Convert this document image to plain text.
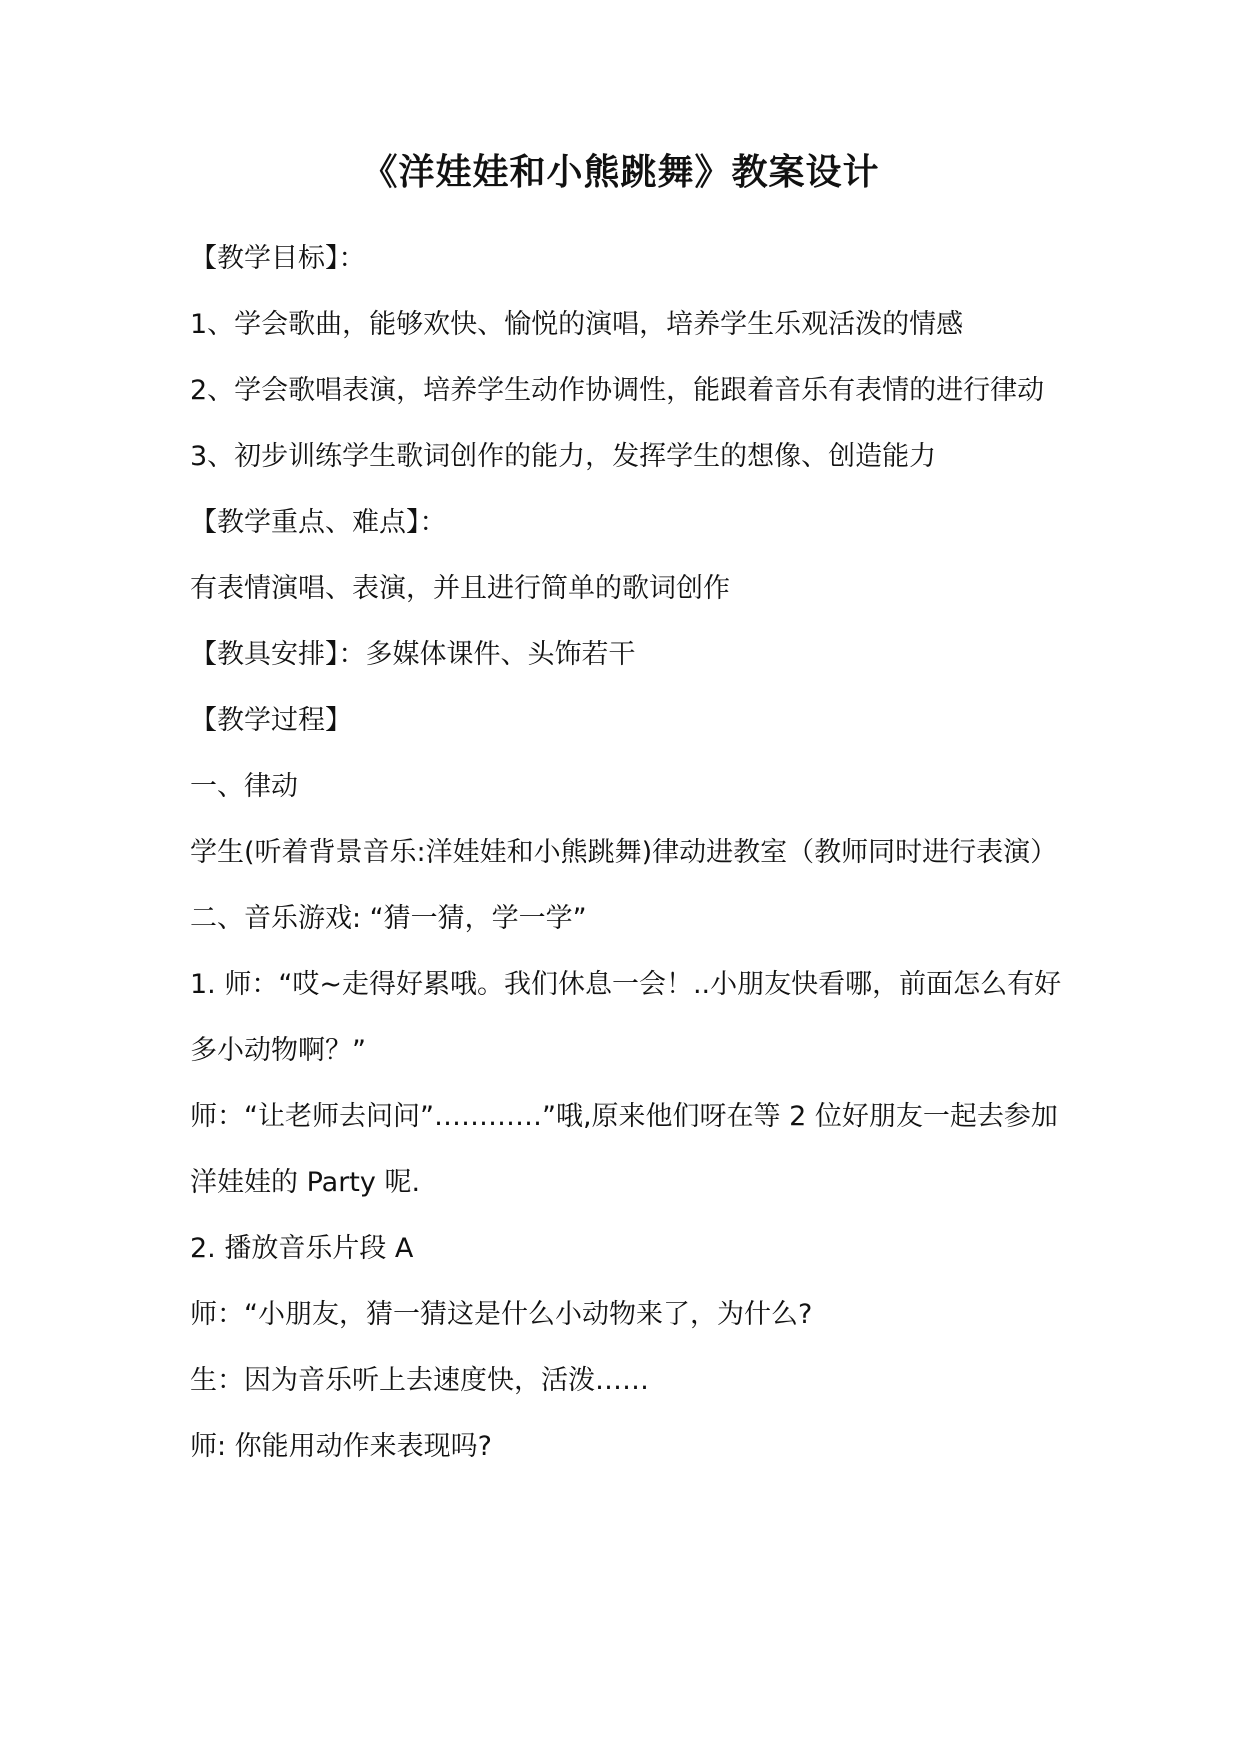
《洋娃娃和小熊跳舞》教案设计

【教学目标】：

1、学会歌曲，能够欢快、愉悦的演唱，培养学生乐观活泼的情感

2、学会歌唱表演，培养学生动作协调性，能跟着音乐有表情的进行律动

3、初步训练学生歌词创作的能力，发挥学生的想像、创造能力

【教学重点、难点】：

有表情演唱、表演，并且进行简单的歌词创作

【教具安排】：多媒体课件、头饰若干

【教学过程】

一、律动

学生(听着背景音乐:洋娃娃和小熊跳舞)律动进教室（教师同时进行表演）

二、音乐游戏: “猜一猜，学一学”

1. 师：“哎~走得好累哦。我们休息一会！..小朋友快看哪，前面怎么有好多小动物啊？”

师：“让老师去问问”…………”哦,原来他们呀在等 2 位好朋友一起去参加洋娃娃的 Party 呢.

2. 播放音乐片段 A

师：“小朋友，猜一猜这是什么小动物来了，为什么?

生：因为音乐听上去速度快，活泼……

师: 你能用动作来表现吗?
